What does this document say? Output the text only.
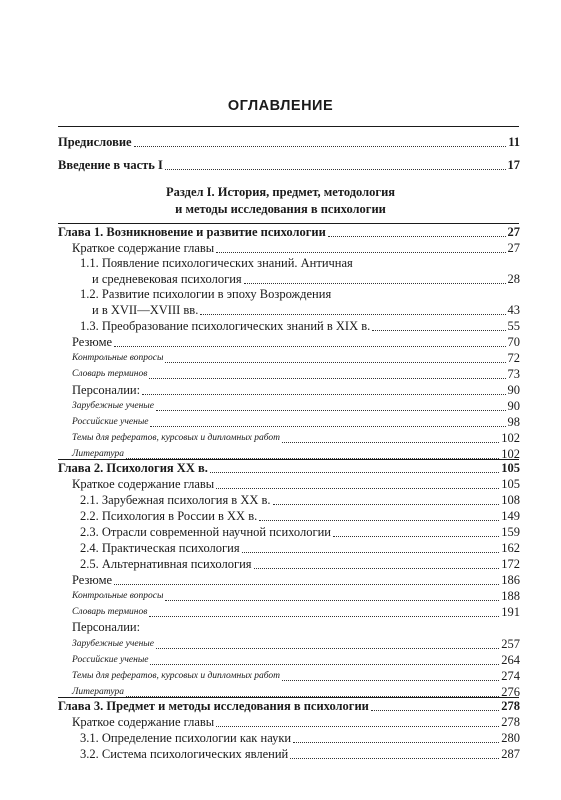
ОГЛАВЛЕНИЕ
Предисловие	11
Введение в часть I	17
Раздел I. История, предмет, методология
и методы исследования в психологии
Глава 1. Возникновение и развитие психологии	27
Краткое содержание главы	27
1.1. Появление психологических знаний. Античная
и средневековая психология	28
1.2. Развитие психологии в эпоху Возрождения
и в XVII—XVIII вв.	43
1.3. Преобразование психологических знаний в XIX в.	55
Резюме	70
Контрольные вопросы	72
Словарь терминов	73
Персоналии:	90
Зарубежные ученые	90
Российские ученые	98
Темы для рефератов, курсовых и дипломных работ	102
Литература	102
Глава 2. Психология XX в.	105
Краткое содержание главы	105
2.1. Зарубежная психология в XX в.	108
2.2. Психология в России в XX в.	149
2.3. Отрасли современной научной психологии	159
2.4. Практическая психология	162
2.5. Альтернативная психология	172
Резюме	186
Контрольные вопросы	188
Словарь терминов	191
Персоналии:
Зарубежные ученые	257
Российские ученые	264
Темы для рефератов, курсовых и дипломных работ	274
Литература	276
Глава 3. Предмет и методы исследования в психологии	278
Краткое содержание главы	278
3.1. Определение психологии как науки	280
3.2. Система психологических явлений	287
